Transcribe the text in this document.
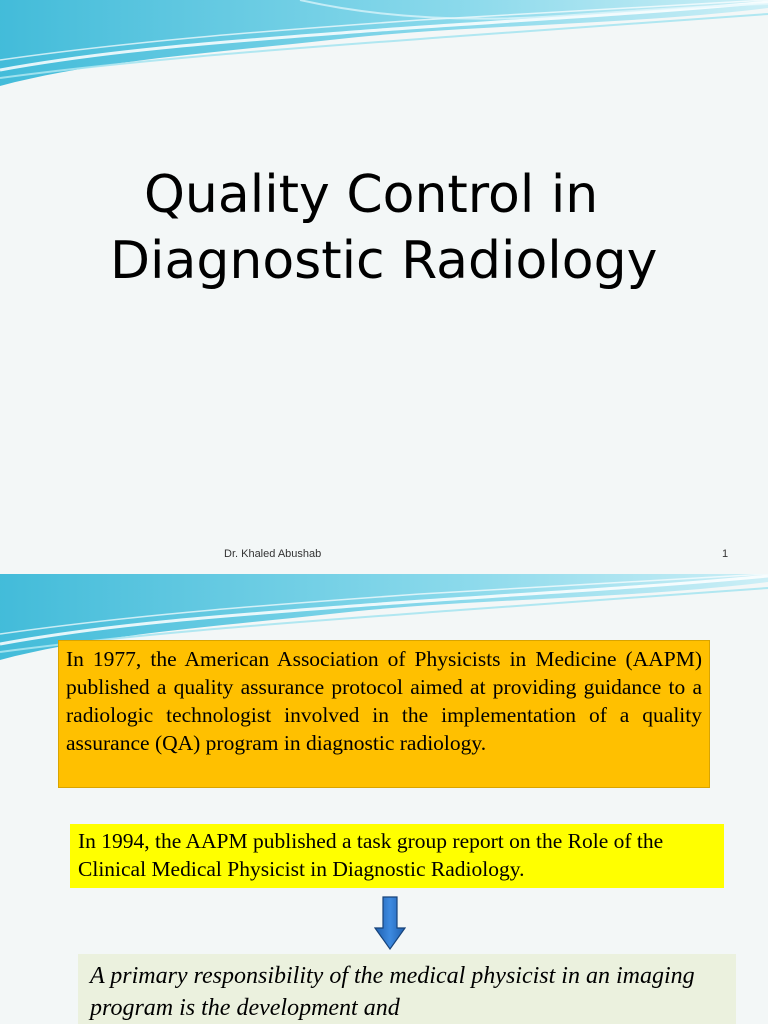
Quality Control in
Diagnostic Radiology
Dr. Khaled Abushab	1
In 1977, the American Association of Physicists in Medicine (AAPM) published a quality assurance protocol aimed at providing guidance to a radiologic technologist involved in the implementation of a quality assurance (QA) program in diagnostic radiology.
In 1994, the AAPM published a task group report on the Role of the Clinical Medical Physicist in Diagnostic Radiology.
A primary responsibility of the medical physicist in an imaging program is the development and
